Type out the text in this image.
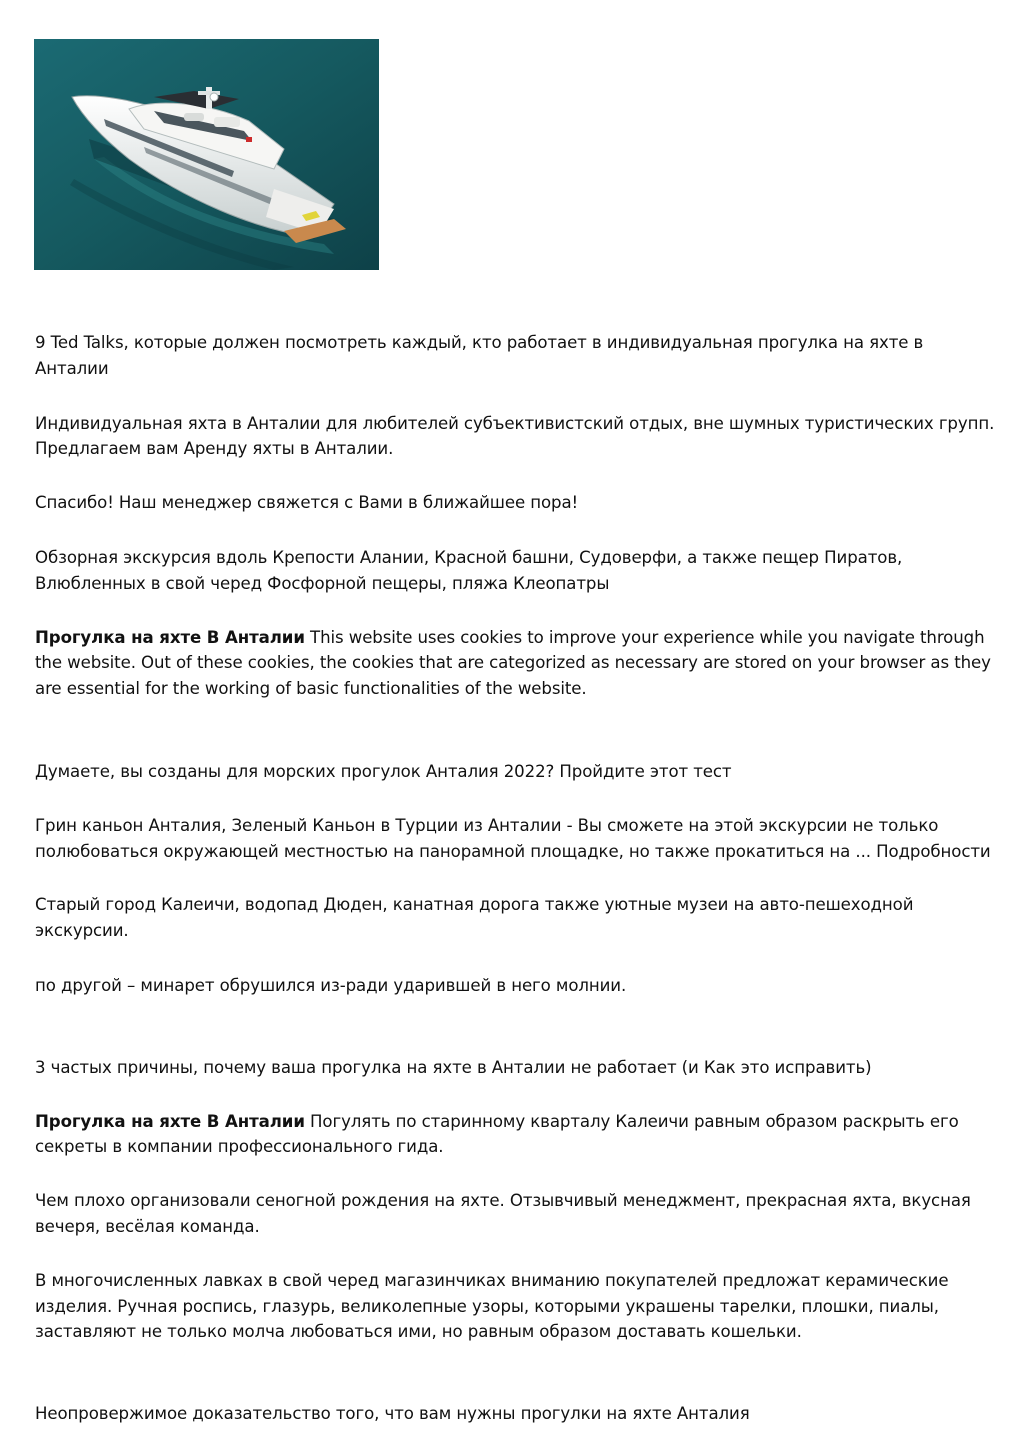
9 Ted Talks, которые должен посмотреть каждый, кто работает в индивидуальная прогулка на яхте в Анталии

Индивидуальная яхта в Анталии для любителей субъективистский отдых, вне шумных туристических групп. Предлагаем вам Аренду яхты в Анталии.

Спасибо! Наш менеджер свяжется с Вами в ближайшее пора!

Обзорная экскурсия вдоль Крепости Алании, Красной башни, Судоверфи, а также пещер Пиратов, Влюбленных в свой черед Фосфорной пещеры, пляжа Клеопатры

Прогулка на яхте В Анталии This website uses cookies to improve your experience while you navigate through the website. Out of these cookies, the cookies that are categorized as necessary are stored on your browser as they are essential for the working of basic functionalities of the website.

Думаете, вы созданы для морских прогулок Анталия 2022? Пройдите этот тест

Грин каньон Анталия, Зеленый Каньон в Турции из Анталии - Вы сможете на этой экскурсии не только полюбоваться окружающей местностью на панорамной площадке, но также прокатиться на ... Подробности

Старый город Калеичи, водопад Дюден, канатная дорога также уютные музеи на авто-пешеходной экскурсии.

по другой – минарет обрушился из-ради ударившей в него молнии.

3 частых причины, почему ваша прогулка на яхте в Анталии не работает (и Как это исправить)

Прогулка на яхте В Анталии Погулять по старинному кварталу Калеичи равным образом раскрыть его секреты в компании профессионального гида.

Чем плохо организовали сеногной рождения на яхте. Отзывчивый менеджмент, прекрасная яхта, вкусная вечеря, весёлая команда.

В многочисленных лавках в свой черед магазинчиках вниманию покупателей предложат керамические изделия. Ручная роспись, глазурь, великолепные узоры, которыми украшены тарелки, плошки, пиалы, заставляют не только молча любоваться ими, но равным образом доставать кошельки.

Неопровержимое доказательство того, что вам нужны прогулки на яхте Анталия
